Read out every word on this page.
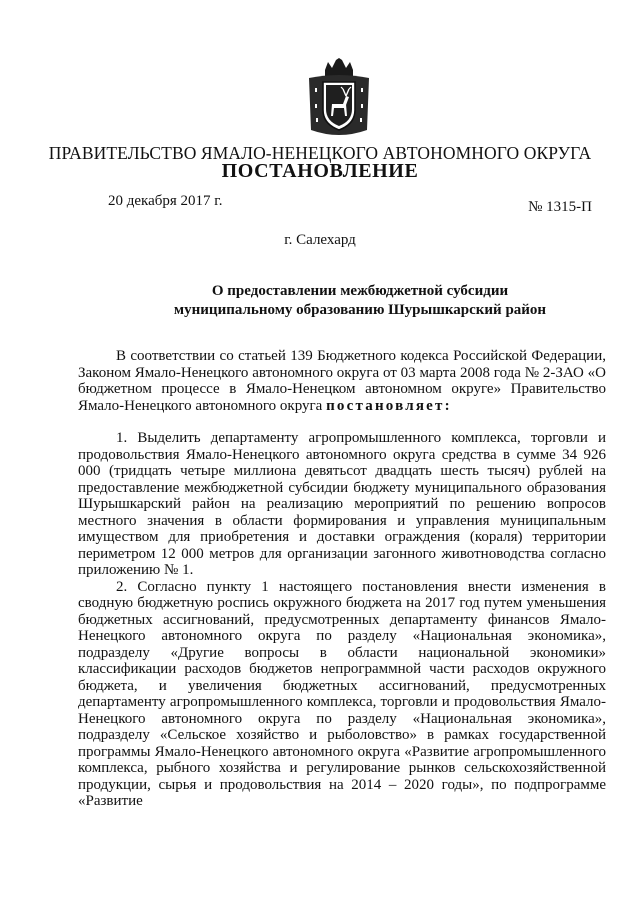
ПРАВИТЕЛЬСТВО ЯМАЛО-НЕНЕЦКОГО АВТОНОМНОГО ОКРУГА
ПОСТАНОВЛЕНИЕ
20 декабря 2017 г.	№ 1315-П
г. Салехард
О предоставлении межбюджетной субсидии
муниципальному образованию Шурышкарский район

В соответствии со статьей 139 Бюджетного кодекса Российской Федерации, Законом Ямало-Ненецкого автономного округа от 03 марта 2008 года № 2-ЗАО «О бюджетном процессе в Ямало-Ненецком автономном округе» Правительство Ямало-Ненецкого автономного округа постановляет:

1. Выделить департаменту агропромышленного комплекса, торговли и продовольствия Ямало-Ненецкого автономного округа средства в сумме 34 926 000 (тридцать четыре миллиона девятьсот двадцать шесть тысяч) рублей на предоставление межбюджетной субсидии бюджету муниципального образования Шурышкарский район на реализацию мероприятий по решению вопросов местного значения в области формирования и управления муниципальным имуществом для приобретения и доставки ограждения (кораля) территории периметром 12 000 метров для организации загонного животноводства согласно приложению № 1.

2. Согласно пункту 1 настоящего постановления внести изменения в сводную бюджетную роспись окружного бюджета на 2017 год путем уменьшения бюджетных ассигнований, предусмотренных департаменту финансов Ямало-Ненецкого автономного округа по разделу «Национальная экономика», подразделу «Другие вопросы в области национальной экономики» классификации расходов бюджетов непрограммной части расходов окружного бюджета, и увеличения бюджетных ассигнований, предусмотренных департаменту агропромышленного комплекса, торговли и продовольствия Ямало-Ненецкого автономного округа по разделу «Национальная экономика», подразделу «Сельское хозяйство и рыболовство» в рамках государственной программы Ямало-Ненецкого автономного округа «Развитие агропромышленного комплекса, рыбного хозяйства и регулирование рынков сельскохозяйственной продукции, сырья и продовольствия на 2014 – 2020 годы», по подпрограмме «Развитие
